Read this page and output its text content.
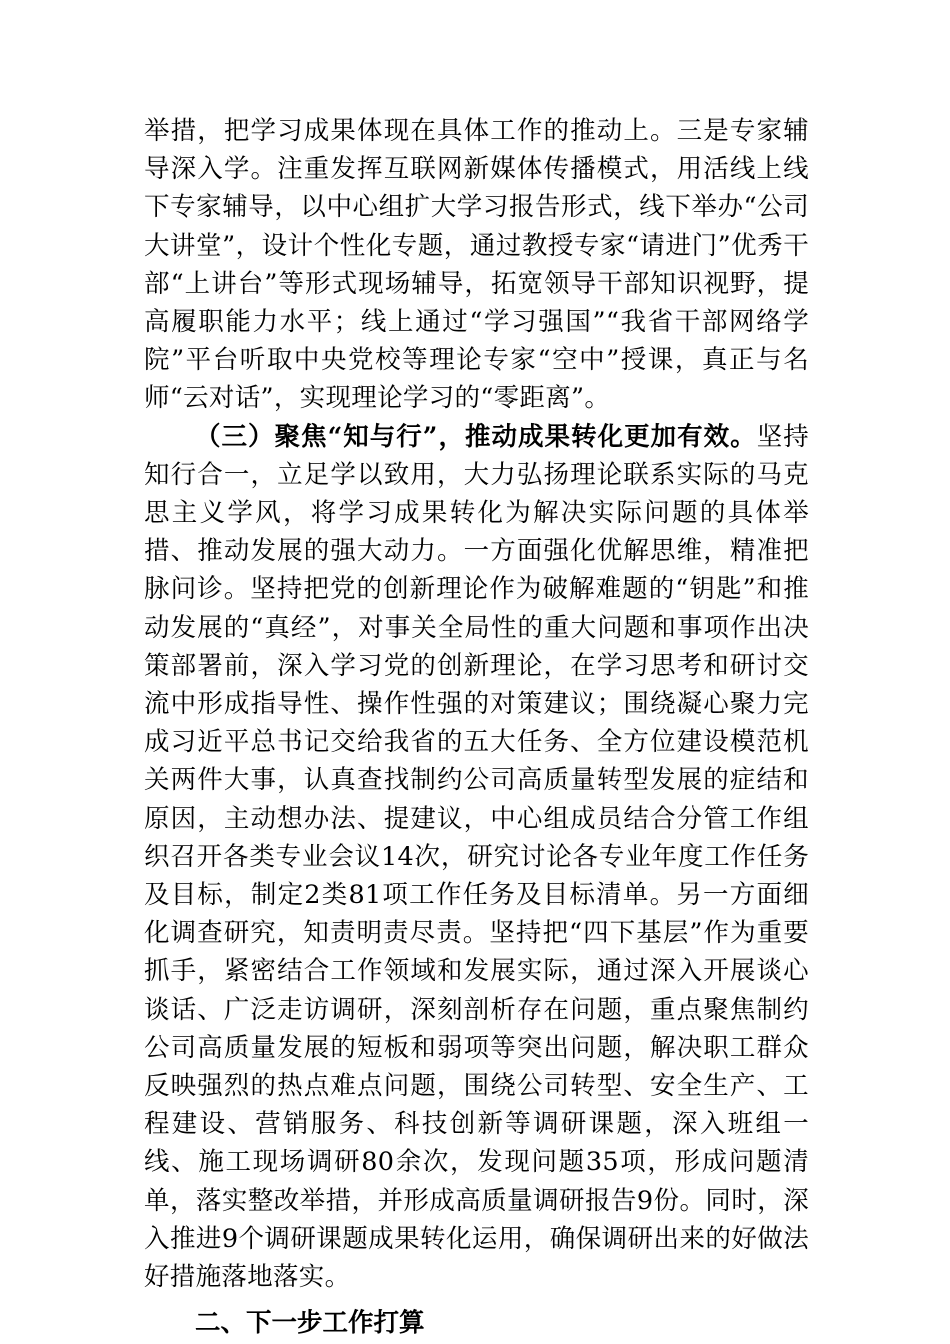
举措，把学习成果体现在具体工作的推动上。三是专家辅导深入学。注重发挥互联网新媒体传播模式，用活线上线下专家辅导，以中心组扩大学习报告形式，线下举办“公司大讲堂”，设计个性化专题，通过教授专家“请进门”优秀干部“上讲台”等形式现场辅导，拓宽领导干部知识视野，提高履职能力水平；线上通过“学习强国”“我省干部网络学院”平台听取中央党校等理论专家“空中”授课，真正与名师“云对话”，实现理论学习的“零距离”。

（三）聚焦“知与行”，推动成果转化更加有效。坚持知行合一，立足学以致用，大力弘扬理论联系实际的马克思主义学风，将学习成果转化为解决实际问题的具体举措、推动发展的强大动力。一方面强化优解思维，精准把脉问诊。坚持把党的创新理论作为破解难题的“钥匙”和推动发展的“真经”，对事关全局性的重大问题和事项作出决策部署前，深入学习党的创新理论，在学习思考和研讨交流中形成指导性、操作性强的对策建议；围绕凝心聚力完成习近平总书记交给我省的五大任务、全方位建设模范机关两件大事，认真查找制约公司高质量转型发展的症结和原因，主动想办法、提建议，中心组成员结合分管工作组织召开各类专业会议14次，研究讨论各专业年度工作任务及目标，制定2类81项工作任务及目标清单。另一方面细化调查研究，知责明责尽责。坚持把“四下基层”作为重要抓手，紧密结合工作领域和发展实际，通过深入开展谈心谈话、广泛走访调研，深刻剖析存在问题，重点聚焦制约公司高质量发展的短板和弱项等突出问题，解决职工群众反映强烈的热点难点问题，围绕公司转型、安全生产、工程建设、营销服务、科技创新等调研课题，深入班组一线、施工现场调研80余次，发现问题35项，形成问题清单，落实整改举措，并形成高质量调研报告9份。同时，深入推进9个调研课题成果转化运用，确保调研出来的好做法好措施落地落实。

二、下一步工作打算
